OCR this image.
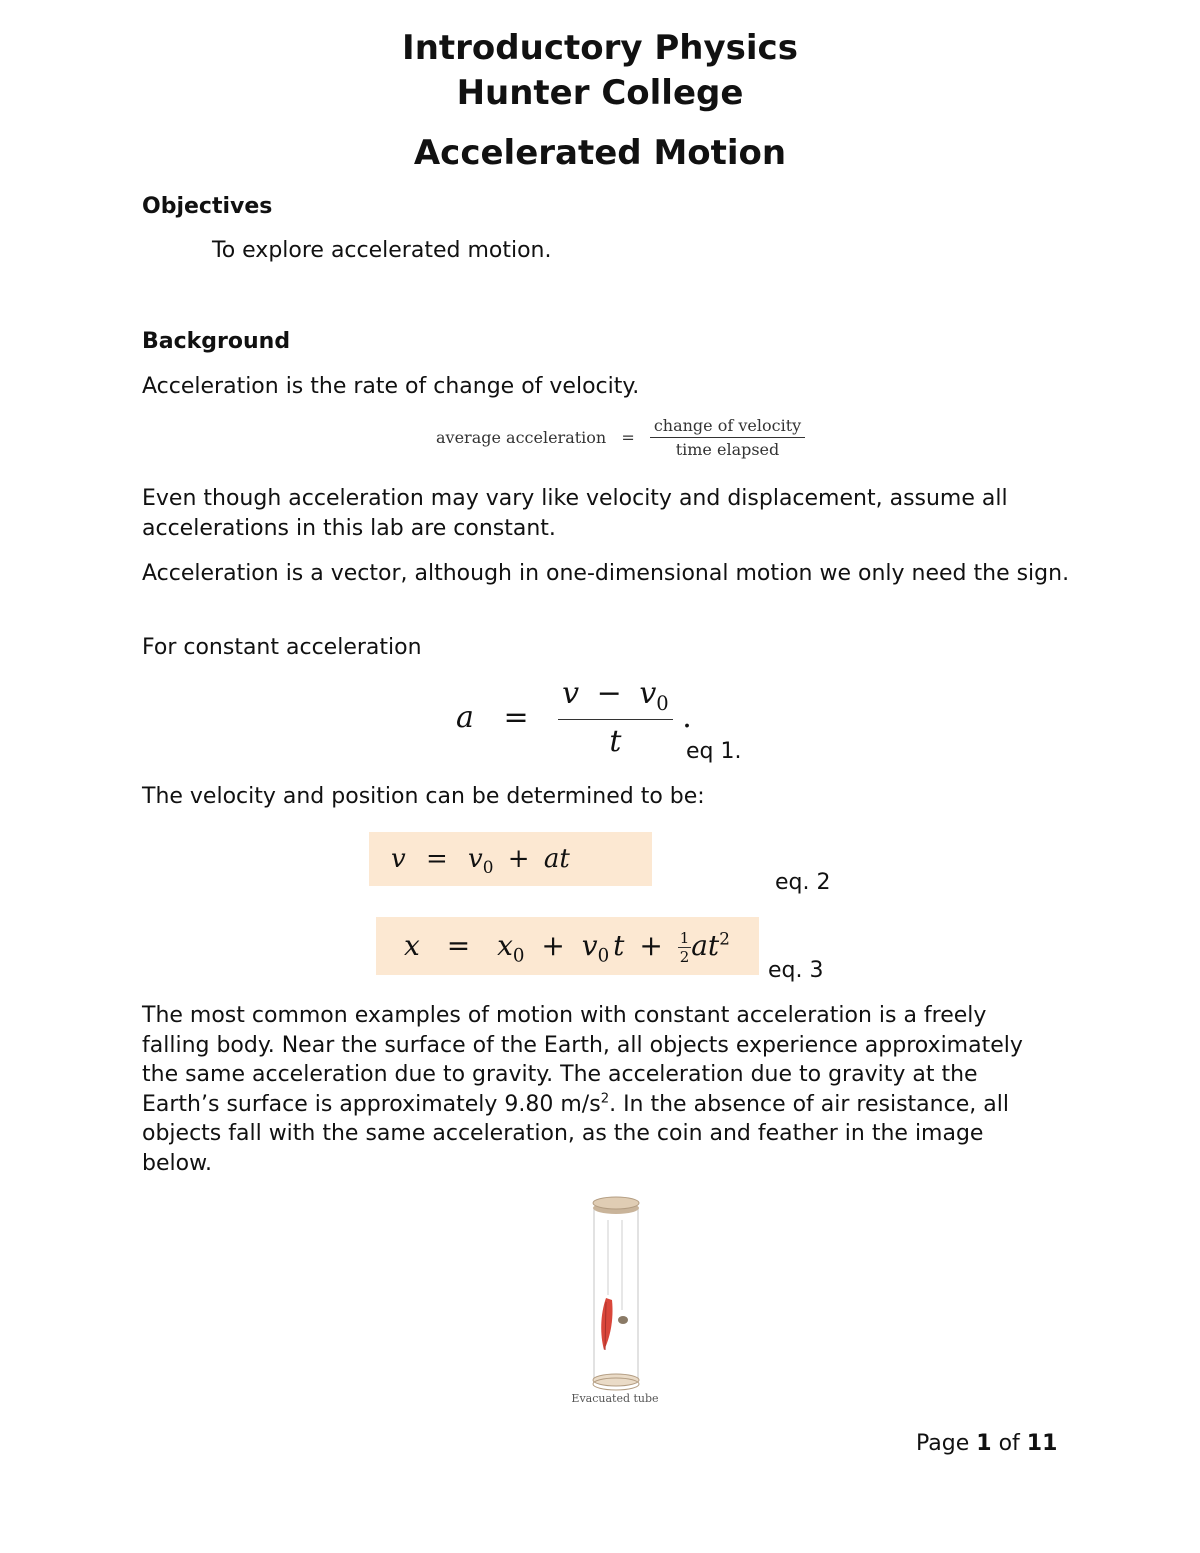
Introductory Physics
Hunter College
Accelerated Motion
Objectives
To explore accelerated motion.
Background
Acceleration is the rate of change of velocity.
average acceleration = $\frac{\text{change of velocity}}{\text{time elapsed}}$
Even though acceleration may vary like velocity and displacement, assume all accelerations in this lab are constant.
Acceleration is a vector, although in one-dimensional motion we only need the sign.
For constant acceleration
$a = \frac{v - v_0}{t}$ .
eq 1.
The velocity and position can be determined to be:
$v = v_0$ + at
eq. 2
$x = x_0 + v_0$ $t + \frac{1}{2} at^2$
eq. 3
The most common examples of motion with constant acceleration is a freely falling body. Near the surface of the Earth, all objects experience approximately the same acceleration due to gravity. The acceleration due to gravity at the Earth’s surface is approximately 9.80 $m/s^2$. In the absence of air resistance, all objects fall with the same acceleration, as the coin and feather in the image below.
Evacuated tube
Page 1 of 11
